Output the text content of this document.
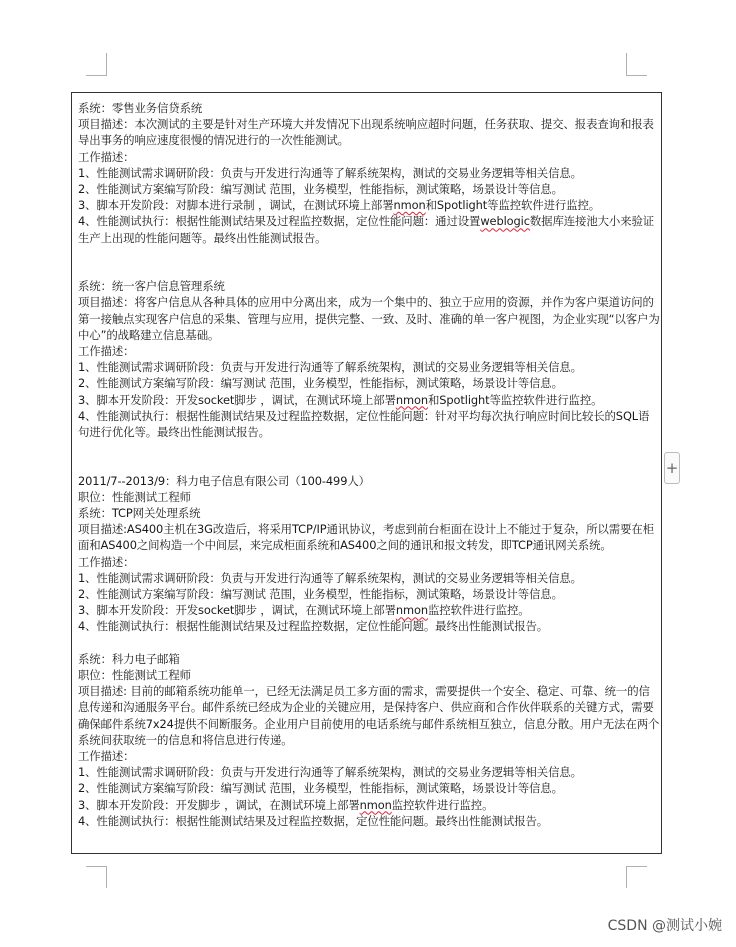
系统：零售业务信贷系统

项目描述：本次测试的主要是针对生产环境大并发情况下出现系统响应超时问题，任务获取、提交、报表查询和报表导出事务的响应速度很慢的情况进行的一次性能测试。

工作描述：

1、性能测试需求调研阶段：负责与开发进行沟通等了解系统架构，测试的交易业务逻辑等相关信息。

2、性能测试方案编写阶段：编写测试 范围，业务模型，性能指标，测试策略，场景设计等信息。

3、脚本开发阶段：对脚本进行录制 ，调试，在测试环境上部署nmon和Spotlight等监控软件进行监控。

4、性能测试执行：根据性能测试结果及过程监控数据，定位性能问题：通过设置weblogic数据库连接池大小来验证生产上出现的性能问题等。最终出性能测试报告。

系统：统一客户信息管理系统

项目描述：将客户信息从各种具体的应用中分离出来，成为一个集中的、独立于应用的资源，并作为客户渠道访问的第一接触点实现客户信息的采集、管理与应用，提供完整、一致、及时、准确的单一客户视图，为企业实现“以客户为中心”的战略建立信息基础。

工作描述：

1、性能测试需求调研阶段：负责与开发进行沟通等了解系统架构，测试的交易业务逻辑等相关信息。

2、性能测试方案编写阶段：编写测试 范围，业务模型，性能指标，测试策略，场景设计等信息。

3、脚本开发阶段：开发socket脚步 ，调试，在测试环境上部署nmon和Spotlight等监控软件进行监控。

4、性能测试执行：根据性能测试结果及过程监控数据，定位性能问题：针对平均每次执行响应时间比较长的SQL语句进行优化等。最终出性能测试报告。

2011/7--2013/9：科力电子信息有限公司（100-499人）

职位：性能测试工程师

系统：TCP网关处理系统

项目描述:AS400主机在3G改造后，将采用TCP/IP通讯协议，考虑到前台柜面在设计上不能过于复杂，所以需要在柜面和AS400之间构造一个中间层，来完成柜面系统和AS400之间的通讯和报文转发，即TCP通讯网关系统。

工作描述：

1、性能测试需求调研阶段：负责与开发进行沟通等了解系统架构，测试的交易业务逻辑等相关信息。

2、性能测试方案编写阶段：编写测试 范围，业务模型，性能指标，测试策略，场景设计等信息。

3、脚本开发阶段：开发socket脚步 ，调试，在测试环境上部署nmon监控软件进行监控。

4、性能测试执行：根据性能测试结果及过程监控数据，定位性能问题。最终出性能测试报告。

系统：科力电子邮箱

职位：性能测试工程师

项目描述: 目前的邮箱系统功能单一，已经无法满足员工多方面的需求，需要提供一个安全、稳定、可靠、统一的信息传递和沟通服务平台。邮件系统已经成为企业的关键应用，是保持客户、供应商和合作伙伴联系的关键方式，需要确保邮件系统7x24提供不间断服务。企业用户目前使用的电话系统与邮件系统相互独立，信息分散。用户无法在两个系统间获取统一的信息和将信息进行传递。

工作描述：

1、性能测试需求调研阶段：负责与开发进行沟通等了解系统架构，测试的交易业务逻辑等相关信息。

2、性能测试方案编写阶段：编写测试 范围，业务模型，性能指标，测试策略，场景设计等信息。

3、脚本开发阶段：开发脚步 ，调试，在测试环境上部署nmon监控软件进行监控。

4、性能测试执行：根据性能测试结果及过程监控数据，定位性能问题。最终出性能测试报告。

+
CSDN @测试小婉
